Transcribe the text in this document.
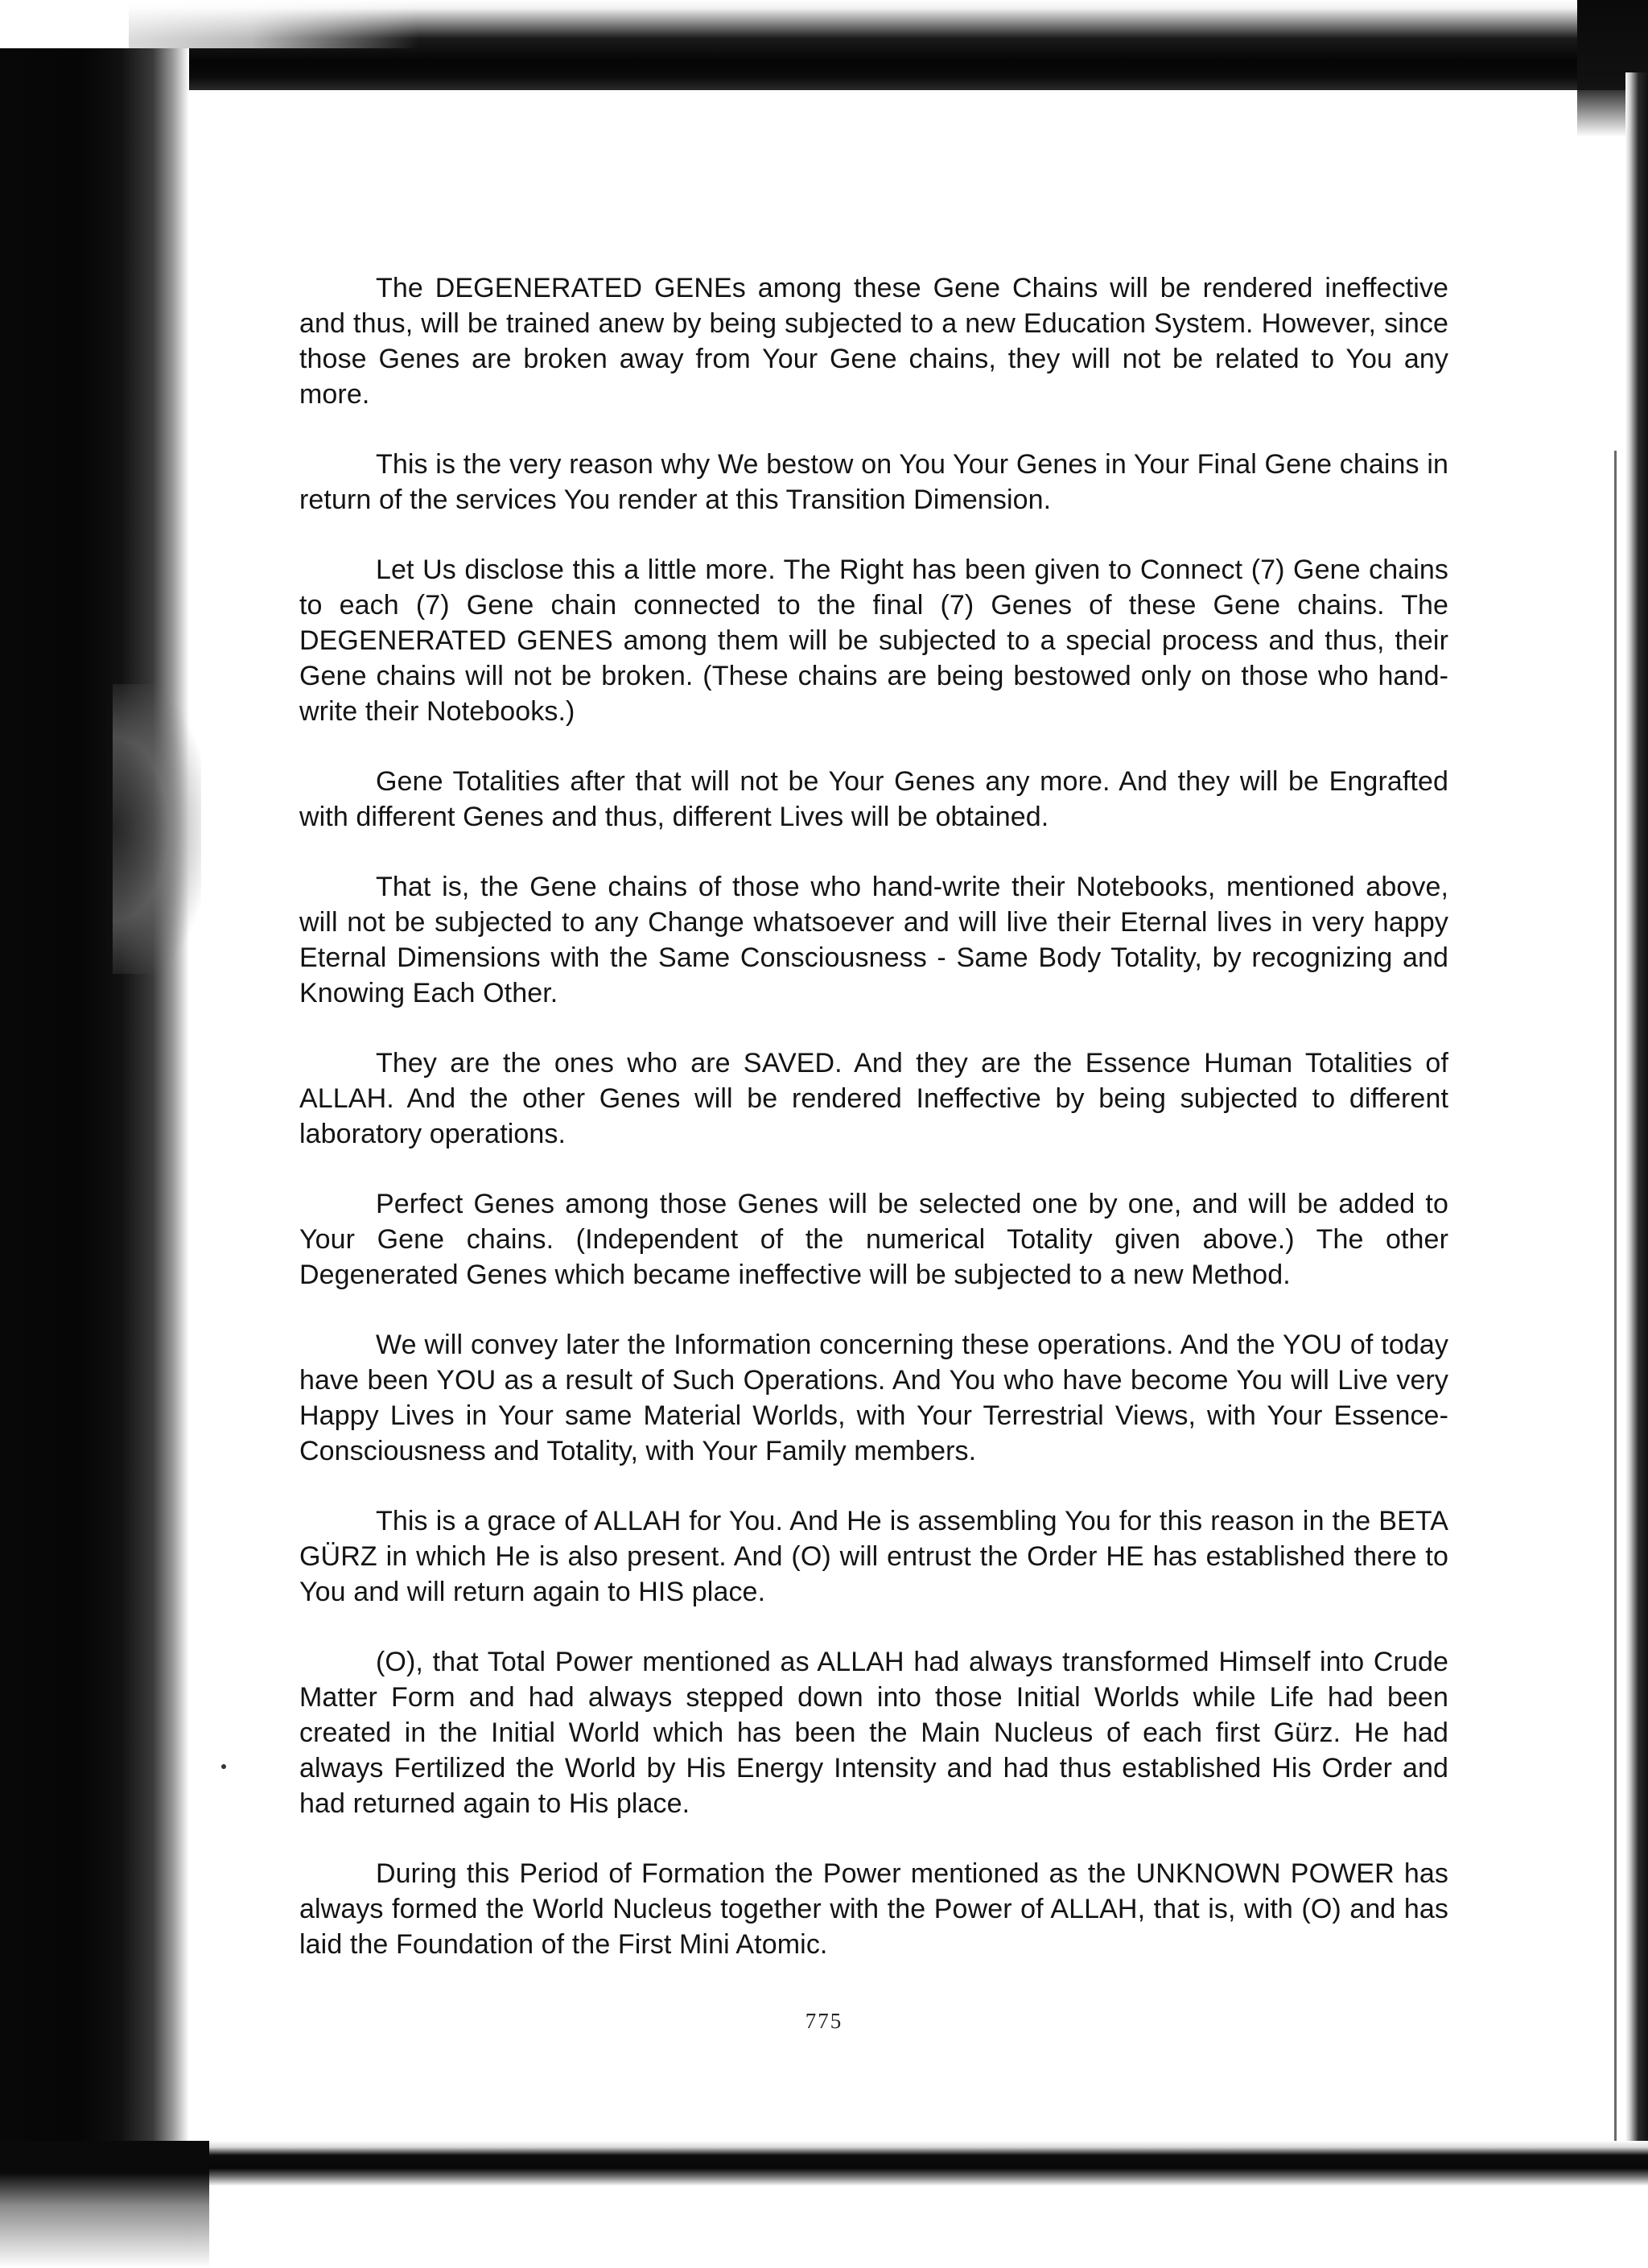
The DEGENERATED GENEs among these Gene Chains will be rendered ineffective and thus, will be trained anew by being subjected to a new Education System. However, since those Genes are broken away from Your Gene chains, they will not be related to You any more.

This is the very reason why We bestow on You Your Genes in Your Final Gene chains in return of the services You render at this Transition Dimension.

Let Us disclose this a little more. The Right has been given to Connect (7) Gene chains to each (7) Gene chain connected to the final (7) Genes of these Gene chains. The DEGENERATED GENES among them will be subjected to a special process and thus, their Gene chains will not be broken. (These chains are being bestowed only on those who hand-write their Notebooks.)

Gene Totalities after that will not be Your Genes any more. And they will be Engrafted with different Genes and thus, different Lives will be obtained.

That is, the Gene chains of those who hand-write their Notebooks, mentioned above, will not be subjected to any Change whatsoever and will live their Eternal lives in very happy Eternal Dimensions with the Same Consciousness - Same Body Totality, by recognizing and Knowing Each Other.

They are the ones who are SAVED. And they are the Essence Human Totalities of ALLAH. And the other Genes will be rendered Ineffective by being subjected to different laboratory operations.

Perfect Genes among those Genes will be selected one by one, and will be added to Your Gene chains. (Independent of the numerical Totality given above.) The other Degenerated Genes which became ineffective will be subjected to a new Method.

We will convey later the Information concerning these operations. And the YOU of today have been YOU as a result of Such Operations. And You who have become You will Live very Happy Lives in Your same Material Worlds, with Your Terrestrial Views, with Your Essence-Consciousness and Totality, with Your Family members.

This is a grace of ALLAH for You. And He is assembling You for this reason in the BETA GÜRZ in which He is also present. And (O) will entrust the Order HE has established there to You and will return again to HIS place.

(O), that Total Power mentioned as ALLAH had always transformed Himself into Crude Matter Form and had always stepped down into those Initial Worlds while Life had been created in the Initial World which has been the Main Nucleus of each first Gürz. He had always Fertilized the World by His Energy Intensity and had thus established His Order and had returned again to His place.

During this Period of Formation the Power mentioned as the UNKNOWN POWER has always formed the World Nucleus together with the Power of ALLAH, that is, with (O) and has laid the Foundation of the First Mini Atomic.

775
